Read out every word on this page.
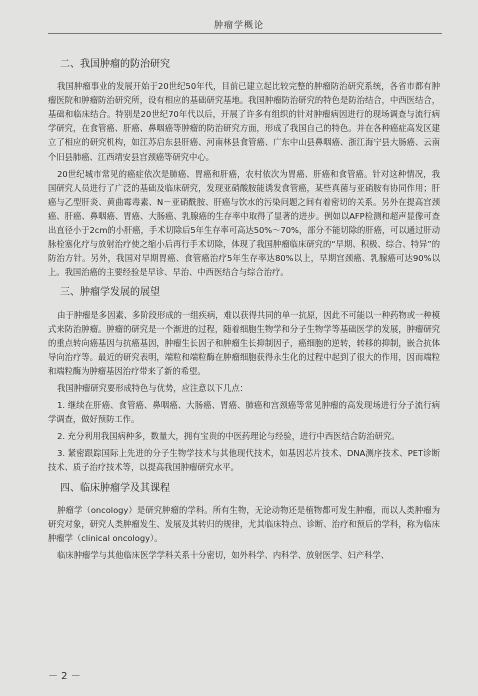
肿瘤学概论
二、我国肿瘤的防治研究

我国肿瘤事业的发展开始于20世纪50年代，目前已建立起比较完整的肿瘤防治研究系统，各省市都有肿瘤医院和肿瘤防治研究所，设有相应的基础研究基地。我国肿瘤防治研究的特色是防治结合，中西医结合，基础和临床结合。特别是20世纪70年代以后，开展了许多有组织的针对肿瘤病因进行的现场调查与流行病学研究，在食管癌、肝癌、鼻咽癌等肿瘤的防治研究方面，形成了我国自己的特色。并在各种癌症高发区建立了相应的研究机构，如江苏启东县肝癌、河南林县食管癌、广东中山县鼻咽癌、浙江海宁县大肠癌、云南个旧县肺癌、江西靖安县宫颈癌等研究中心。

20世纪城市常见的癌症依次是肺癌、胃癌和肝癌，农村依次为胃癌、肝癌和食管癌。针对这种情况，我国研究人员进行了广泛的基础及临床研究，发现亚硝酸胺能诱发食管癌，某些真菌与亚硝胺有协同作用；肝癌与乙型肝炎、黄曲霉毒素、N－亚硝酰胺、肝癌与饮水的污染问题之间有着密切的关系。另外在提高宫颈癌、肝癌、鼻咽癌、胃癌、大肠癌、乳腺癌的生存率中取得了显著的进步。例如以AFP检测和超声显像可查出直径小于2cm的小肝癌，手术切除后5年生存率可高达50%～70%，部分不能切除的肝癌，可以通过肝动脉栓塞化疗与放射治疗使之缩小后再行手术切除，体现了我国肿瘤临床研究的“早期、积极、综合、特异”的防治方针。另外，我国对早期胃癌、食管癌治疗5年生存率达80%以上，早期宫颈癌、乳腺癌可达90%以上。我国治癌的主要经验是早诊、早治、中西医结合与综合治疗。

三、肿瘤学发展的展望

由于肿瘤是多因素、多阶段形成的一组疾病，难以获得共同的单一抗原，因此不可能以一种药物或一种模式来防治肿瘤。肿瘤的研究是一个渐进的过程，随着细胞生物学和分子生物学等基础医学的发展，肿瘤研究的重点转向癌基因与抗癌基因，肿瘤生长因子和肿瘤生长抑制因子，癌细胞的逆转，转移的抑制，嵌合抗体导向治疗等。最近的研究表明，端粒和端粒酶在肿瘤细胞获得永生化的过程中起到了很大的作用，因而端粒和端粒酶为肿瘤基因治疗带来了新的希望。

我国肿瘤研究要形成特色与优势，应注意以下几点：

1. 继续在肝癌、食管癌、鼻咽癌、大肠癌、胃癌、肺癌和宫颈癌等常见肿瘤的高发现场进行分子流行病学调查，做好预防工作。

2. 充分利用我国病种多，数量大，拥有宝贵的中医药理论与经验，进行中西医结合防治研究。

3. 紧密跟踪国际上先进的分子生物学技术与其他现代技术，如基因芯片技术、DNA测序技术、PET诊断技术、质子治疗技术等，以提高我国肿瘤研究水平。

四、临床肿瘤学及其课程

肿瘤学（oncology）是研究肿瘤的学科。所有生物，无论动物还是植物都可发生肿瘤，而以人类肿瘤为研究对象，研究人类肿瘤发生、发展及其转归的规律，尤其临床特点、诊断、治疗和预后的学科，称为临床肿瘤学（clinical oncology）。

临床肿瘤学与其他临床医学学科关系十分密切，如外科学、内科学、放射医学、妇产科学、

－ 2 －
